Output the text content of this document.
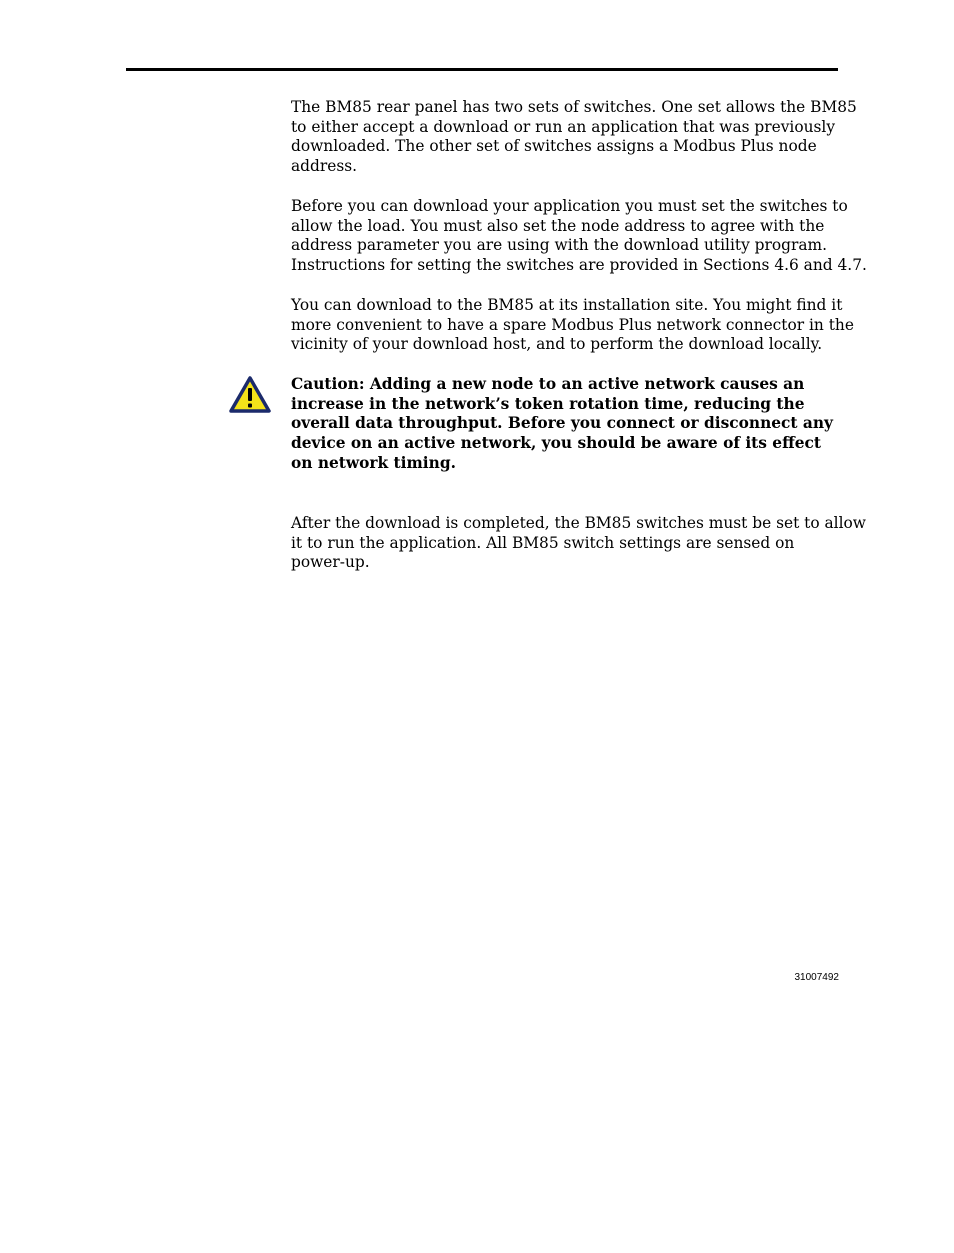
The BM85 rear panel has two sets of switches. One set allows the BM85
to either accept a download or run an application that was previously
downloaded. The other set of switches assigns a Modbus Plus node
address.
Before you can download your application you must set the switches to
allow the load. You must also set the node address to agree with the
address parameter you are using with the download utility program.
Instructions for setting the switches are provided in Sections 4.6 and 4.7.
You can download to the BM85 at its installation site. You might find it
more convenient to have a spare Modbus Plus network connector in the
vicinity of your download host, and to perform the download locally.
Caution: Adding a new node to an active network causes an
increase in the network’s token rotation time, reducing the
overall data throughput. Before you connect or disconnect any
device on an active network, you should be aware of its effect
on network timing.
After the download is completed, the BM85 switches must be set to allow
it to run the application. All BM85 switch settings are sensed on
power-up.
31007492
